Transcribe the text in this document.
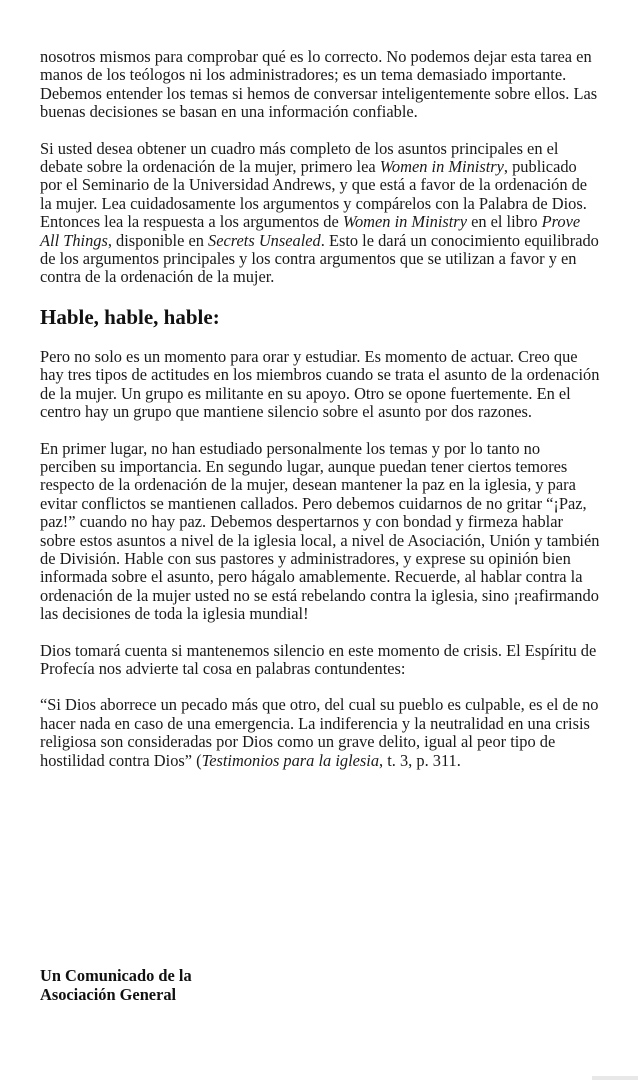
nosotros mismos para comprobar qué es lo correcto. No podemos dejar esta tarea en manos de los teólogos ni los administradores; es un tema demasiado importante. Debemos entender los temas si hemos de conversar inteligentemente sobre ellos. Las buenas decisiones se basan en una información confiable.

Si usted desea obtener un cuadro más completo de los asuntos principales en el debate sobre la ordenación de la mujer, primero lea Women in Ministry, publicado por el Seminario de la Universidad Andrews, y que está a favor de la ordenación de la mujer. Lea cuidadosamente los argumentos y compárelos con la Palabra de Dios. Entonces lea la respuesta a los argumentos de Women in Ministry en el libro Prove All Things, disponible en Secrets Unsealed. Esto le dará un conocimiento equilibrado de los argumentos principales y los contra argumentos que se utilizan a favor y en contra de la ordenación de la mujer.

Hable, hable, hable:

Pero no solo es un momento para orar y estudiar. Es momento de actuar. Creo que hay tres tipos de actitudes en los miembros cuando se trata el asunto de la ordenación de la mujer. Un grupo es militante en su apoyo. Otro se opone fuertemente. En el centro hay un grupo que mantiene silencio sobre el asunto por dos razones.

En primer lugar, no han estudiado personalmente los temas y por lo tanto no perciben su importancia. En segundo lugar, aunque puedan tener ciertos temores respecto de la ordenación de la mujer, desean mantener la paz en la iglesia, y para evitar conflictos se mantienen callados. Pero debemos cuidarnos de no gritar “¡Paz, paz!” cuando no hay paz. Debemos despertarnos y con bondad y firmeza hablar sobre estos asuntos a nivel de la iglesia local, a nivel de Asociación, Unión y también de División. Hable con sus pastores y administradores, y exprese su opinión bien informada sobre el asunto, pero hágalo amablemente. Recuerde, al hablar contra la ordenación de la mujer usted no se está rebelando contra la iglesia, sino ¡reafirmando las decisiones de toda la iglesia mundial!

Dios tomará cuenta si mantenemos silencio en este momento de crisis. El Espíritu de Profecía nos advierte tal cosa en palabras contundentes:

“Si Dios aborrece un pecado más que otro, del cual su pueblo es culpable, es el de no hacer nada en caso de una emergencia. La indiferencia y la neutralidad en una crisis religiosa son consideradas por Dios como un grave delito, igual al peor tipo de hostilidad contra Dios” (Testimonios para la iglesia, t. 3, p. 311.

Un Comunicado de la
Asociación General
